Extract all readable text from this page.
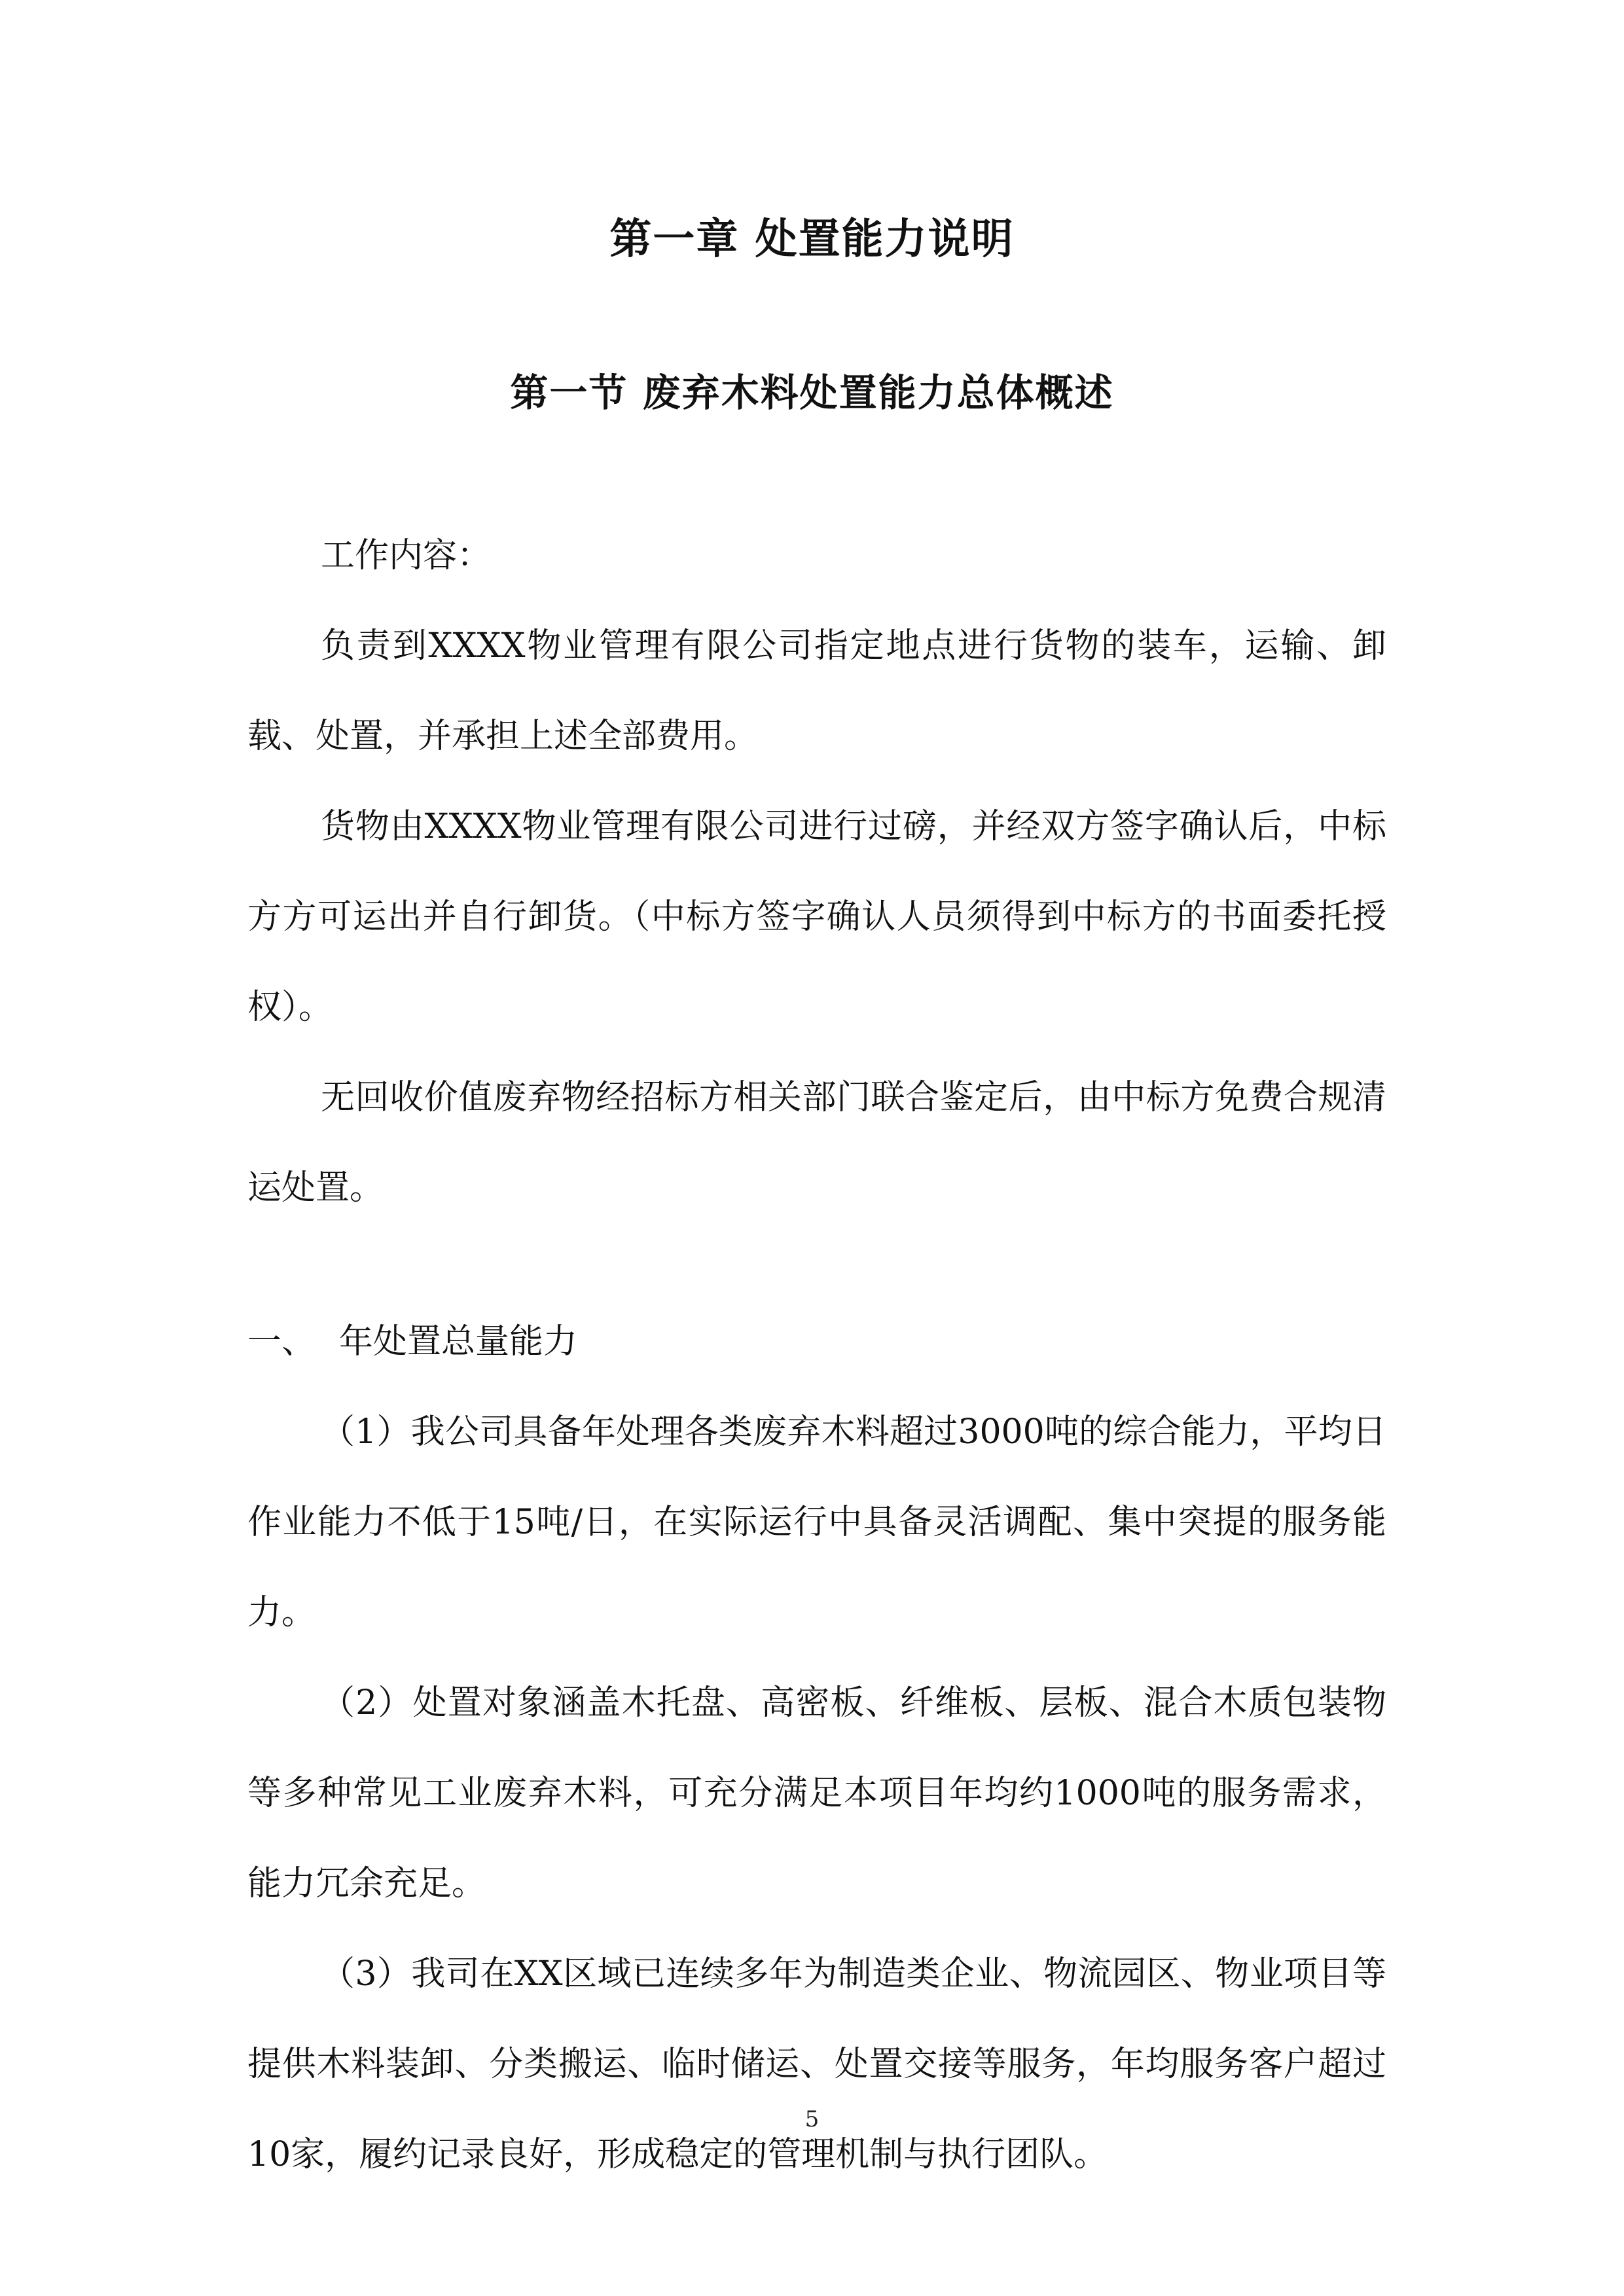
第一章 处置能力说明
第一节 废弃木料处置能力总体概述

工作内容：

负责到XXXX物业管理有限公司指定地点进行货物的装车，运输、卸载、处置，并承担上述全部费用。

货物由XXXX物业管理有限公司进行过磅，并经双方签字确认后，中标方方可运出并自行卸货。（中标方签字确认人员须得到中标方的书面委托授权）。

无回收价值废弃物经招标方相关部门联合鉴定后，由中标方免费合规清运处置。

一、 年处置总量能力

（1）我公司具备年处理各类废弃木料超过3000吨的综合能力，平均日作业能力不低于15吨/日，在实际运行中具备灵活调配、集中突提的服务能力。

（2）处置对象涵盖木托盘、高密板、纤维板、层板、混合木质包装物等多种常见工业废弃木料，可充分满足本项目年均约1000吨的服务需求，能力冗余充足。

（3）我司在XX区域已连续多年为制造类企业、物流园区、物业项目等提供木料装卸、分类搬运、临时储运、处置交接等服务，年均服务客户超过10家，履约记录良好，形成稳定的管理机制与执行团队。

5
